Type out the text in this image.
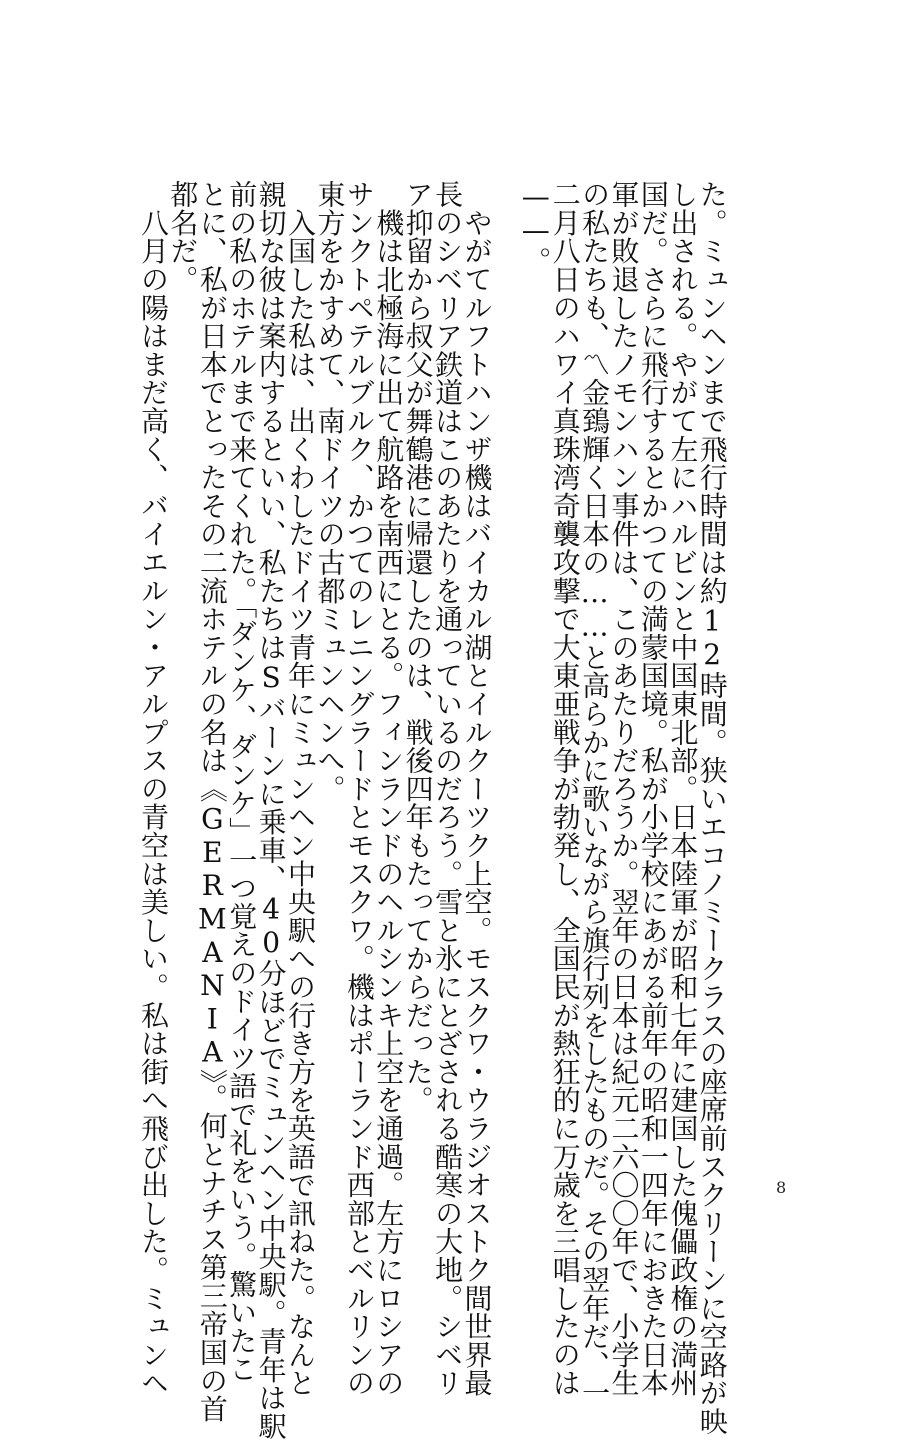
た。ミュンヘンまで飛行時間は約12時間。狭いエコノミークラスの座席前スクリーンに空路が映
し出される。やがて左にハルビンと中国東北部。日本陸軍が昭和七年に建国した傀儡政権の満州
国だ。さらに飛行するとかつての満蒙国境。私が小学校にあがる前年の昭和一四年におきた日本
軍が敗退したノモンハン事件は、このあたりだろうか。翌年の日本は紀元二六〇〇年で、小学生
の私たちも、〽金鵄輝く日本の……と高らかに歌いながら旗行列をしたものだ。その翌年だ、一
二月八日のハワイ真珠湾奇襲攻撃で大東亜戦争が勃発し、全国民が熱狂的に万歳を三唱したのは
——。
　やがてルフトハンザ機はバイカル湖とイルクーツク上空。モスクワ・ウラジオストク間世界最
長のシベリア鉄道はこのあたりを通っているのだろう。雪と氷にとざされる酷寒の大地。シベリ
ア抑留から叔父が舞鶴港に帰還したのは、戦後四年もたってからだった。
　機は北極海に出て航路を南西にとる。フィンランドのヘルシンキ上空を通過。左方にロシアの
サンクトペテルブルク、かつてのレニングラードとモスクワ。機はポーランド西部とベルリンの
東方をかすめて、南ドイツの古都ミュンヘンへ。
　入国した私は、出くわしたドイツ青年にミュンヘン中央駅への行き方を英語で訊ねた。なんと
親切な彼は案内するといい、私たちはSバーンに乗車、40分ほどでミュンヘン中央駅。青年は駅
前の私のホテルまで来てくれた。「ダンケ、ダンケ」一つ覚えのドイツ語で礼をいう。驚いたこ
とに、私が日本でとったその二流ホテルの名は《GERMANIA》。何とナチス第三帝国の首
都名だ。
　八月の陽はまだ高く、バイエルン・アルプスの青空は美しい。私は街へ飛び出した。ミュンヘ	8
